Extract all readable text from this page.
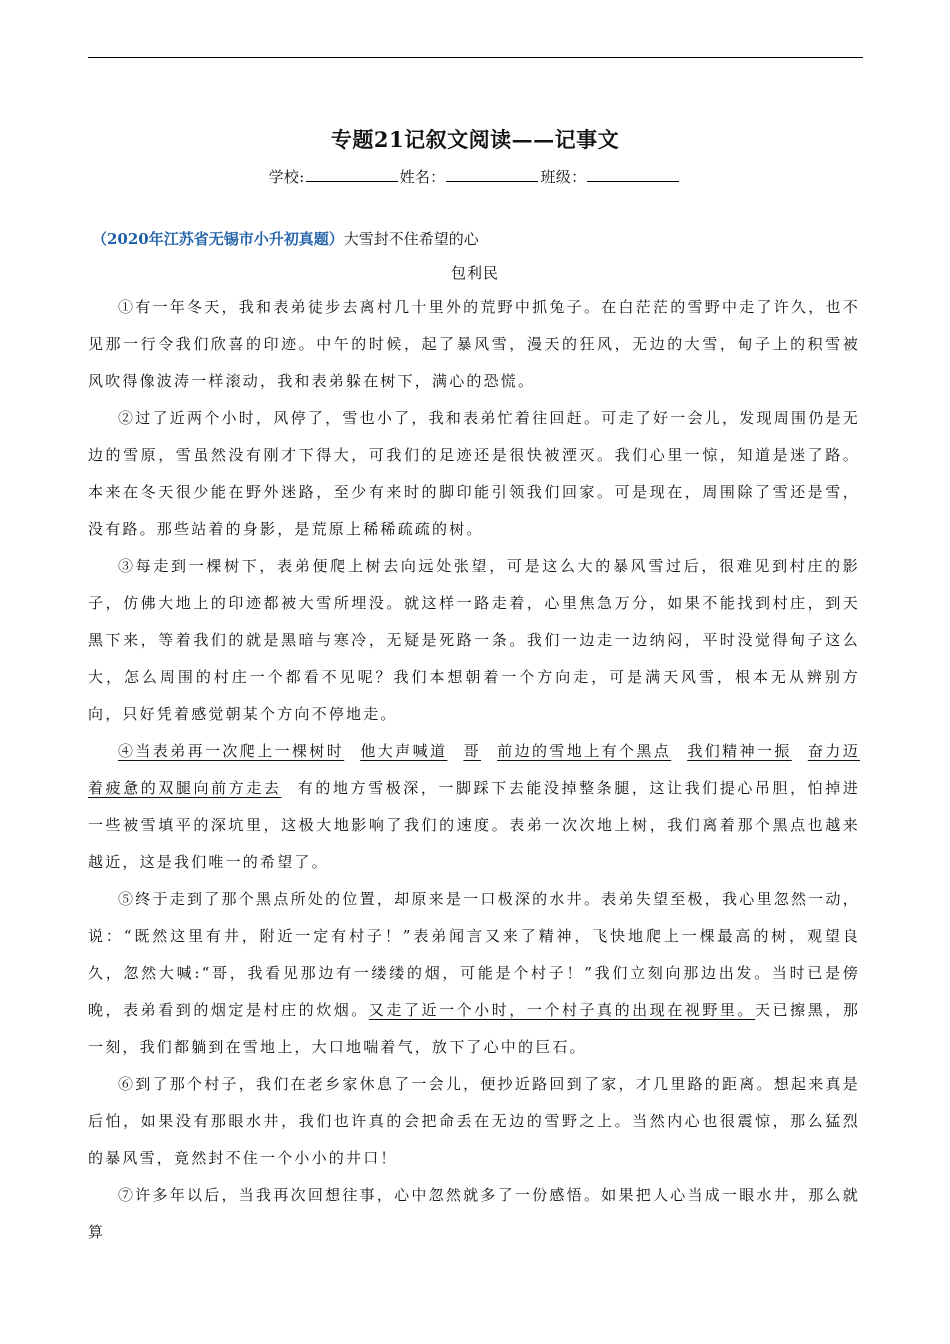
专题21记叙文阅读——记事文
学校:	姓名：	班级：
（2020年江苏省无锡市小升初真题）大雪封不住希望的心
包利民

①有一年冬天，我和表弟徒步去离村几十里外的荒野中抓兔子。在白茫茫的雪野中走了许久，也不见那一行令我们欣喜的印迹。中午的时候，起了暴风雪，漫天的狂风，无边的大雪，甸子上的积雪被风吹得像波涛一样滚动，我和表弟躲在树下，满心的恐慌。

②过了近两个小时，风停了，雪也小了，我和表弟忙着往回赶。可走了好一会儿，发现周围仍是无边的雪原，雪虽然没有刚才下得大，可我们的足迹还是很快被湮灭。我们心里一惊，知道是迷了路。本来在冬天很少能在野外迷路，至少有来时的脚印能引领我们回家。可是现在，周围除了雪还是雪，没有路。那些站着的身影，是荒原上稀稀疏疏的树。

③每走到一棵树下，表弟便爬上树去向远处张望，可是这么大的暴风雪过后，很难见到村庄的影子，仿佛大地上的印迹都被大雪所埋没。就这样一路走着，心里焦急万分，如果不能找到村庄，到天黑下来，等着我们的就是黑暗与寒冷，无疑是死路一条。我们一边走一边纳闷，平时没觉得甸子这么大，怎么周围的村庄一个都看不见呢？我们本想朝着一个方向走，可是满天风雪，根本无从辨别方向，只好凭着感觉朝某个方向不停地走。

④当表弟再一次爬上一棵树时 他大声喊道 哥 前边的雪地上有个黑点 我们精神一振 奋力迈着疲惫的双腿向前方走去 有的地方雪极深，一脚踩下去能没掉整条腿，这让我们提心吊胆，怕掉进一些被雪填平的深坑里，这极大地影响了我们的速度。表弟一次次地上树，我们离着那个黑点也越来越近，这是我们唯一的希望了。

⑤终于走到了那个黑点所处的位置，却原来是一口极深的水井。表弟失望至极，我心里忽然一动，说：“既然这里有井，附近一定有村子！”表弟闻言又来了精神，飞快地爬上一棵最高的树，观望良久，忽然大喊:“哥，我看见那边有一缕缕的烟，可能是个村子！”我们立刻向那边出发。当时已是傍晚，表弟看到的烟定是村庄的炊烟。又走了近一个小时，一个村子真的出现在视野里。天已擦黑，那一刻，我们都躺到在雪地上，大口地喘着气，放下了心中的巨石。

⑥到了那个村子，我们在老乡家休息了一会儿，便抄近路回到了家，才几里路的距离。想起来真是后怕，如果没有那眼水井，我们也许真的会把命丢在无边的雪野之上。当然内心也很震惊，那么猛烈的暴风雪，竟然封不住一个小小的井口！

⑦许多年以后，当我再次回想往事，心中忽然就多了一份感悟。如果把人心当成一眼水井，那么就算
